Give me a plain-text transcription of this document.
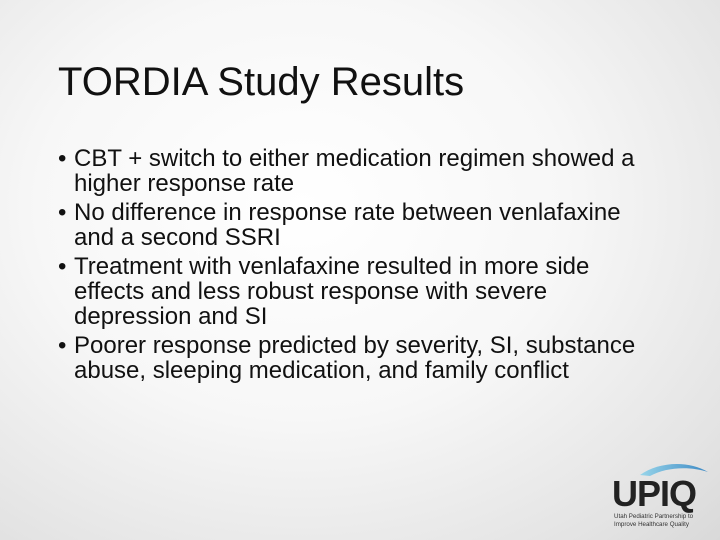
TORDIA Study Results
• CBT + switch to either medication regimen showed a higher response rate
• No difference in response rate between venlafaxine and a second SSRI
• Treatment with venlafaxine resulted in more side effects and less robust response with severe depression and SI
• Poorer response predicted by severity, SI, substance abuse, sleeping medication, and family conflict
UPIQ
Utah Pediatric Partnership to
Improve Healthcare Quality
